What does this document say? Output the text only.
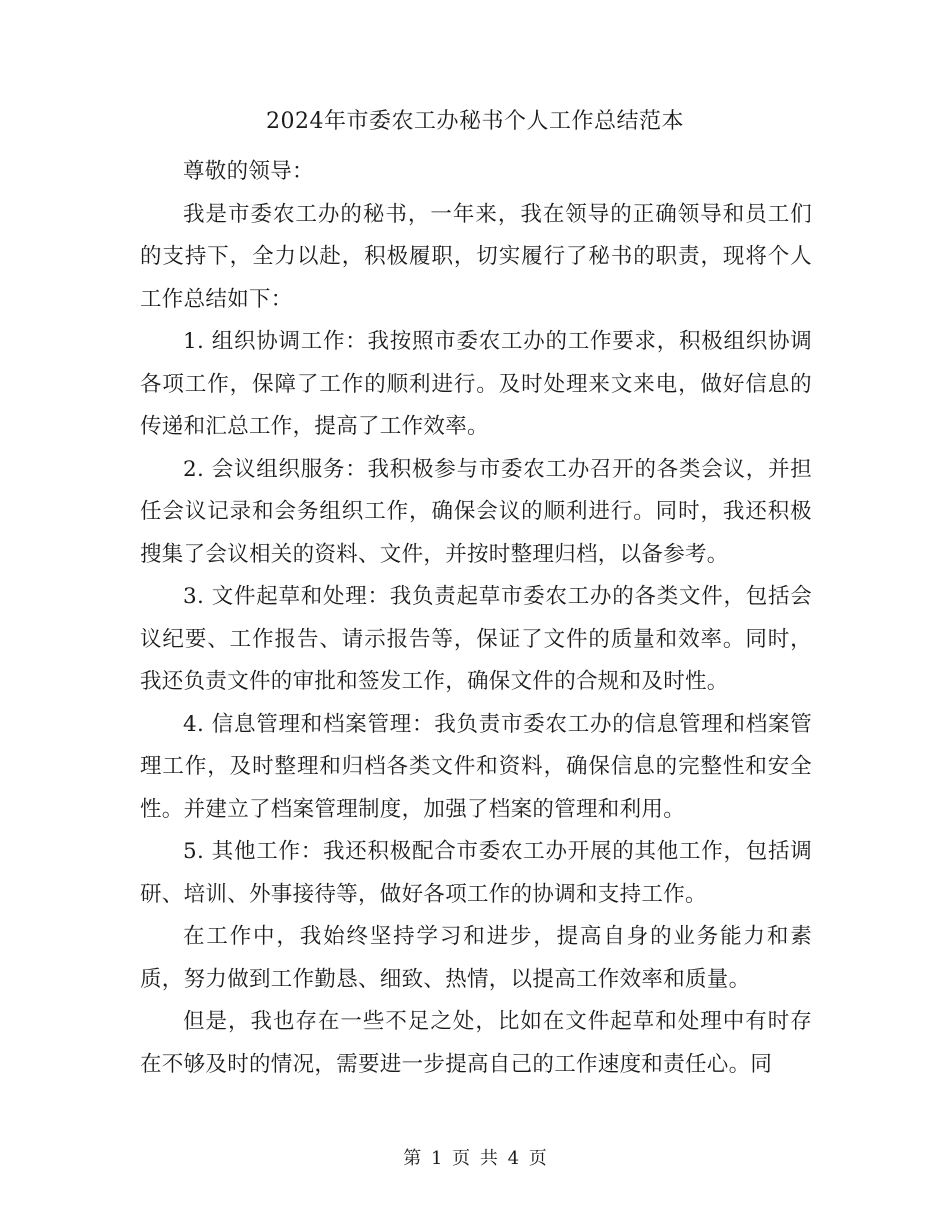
2024年市委农工办秘书个人工作总结范本

尊敬的领导：

我是市委农工办的秘书，一年来，我在领导的正确领导和员工们的支持下，全力以赴，积极履职，切实履行了秘书的职责，现将个人工作总结如下：

1. 组织协调工作：我按照市委农工办的工作要求，积极组织协调各项工作，保障了工作的顺利进行。及时处理来文来电，做好信息的传递和汇总工作，提高了工作效率。

2. 会议组织服务：我积极参与市委农工办召开的各类会议，并担任会议记录和会务组织工作，确保会议的顺利进行。同时，我还积极搜集了会议相关的资料、文件，并按时整理归档，以备参考。

3. 文件起草和处理：我负责起草市委农工办的各类文件，包括会议纪要、工作报告、请示报告等，保证了文件的质量和效率。同时，我还负责文件的审批和签发工作，确保文件的合规和及时性。

4. 信息管理和档案管理：我负责市委农工办的信息管理和档案管理工作，及时整理和归档各类文件和资料，确保信息的完整性和安全性。并建立了档案管理制度，加强了档案的管理和利用。

5. 其他工作：我还积极配合市委农工办开展的其他工作，包括调研、培训、外事接待等，做好各项工作的协调和支持工作。

在工作中，我始终坚持学习和进步，提高自身的业务能力和素质，努力做到工作勤恳、细致、热情，以提高工作效率和质量。

但是，我也存在一些不足之处，比如在文件起草和处理中有时存在不够及时的情况，需要进一步提高自己的工作速度和责任心。同

第 1 页 共 4 页
